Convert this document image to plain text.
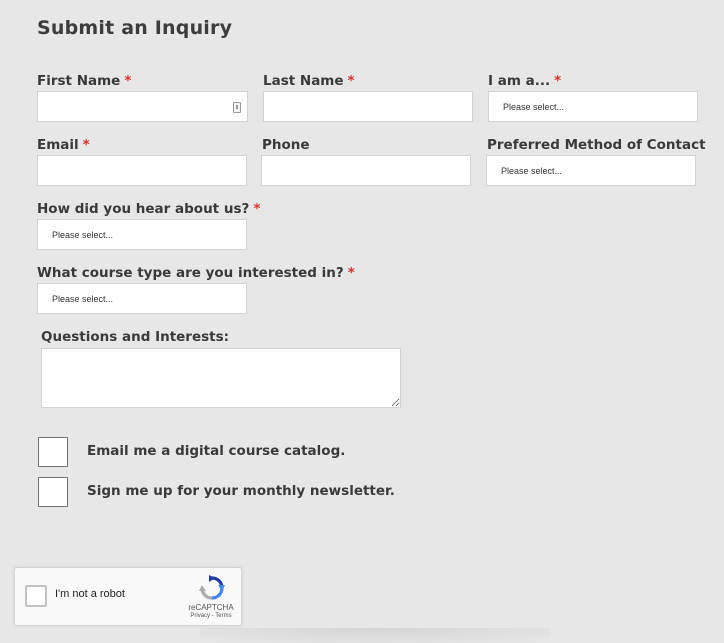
Submit an Inquiry
First Name *	Last Name *	I am a... *
Please select...
Email *	Phone	Preferred Method of Contact
Please select...
How did you hear about us? *
Please select...
What course type are you interested in? *
Please select...
Questions and Interests:
Email me a digital course catalog.
Sign me up for your monthly newsletter.
I'm not a robot
reCAPTCHA
Privacy - Terms
